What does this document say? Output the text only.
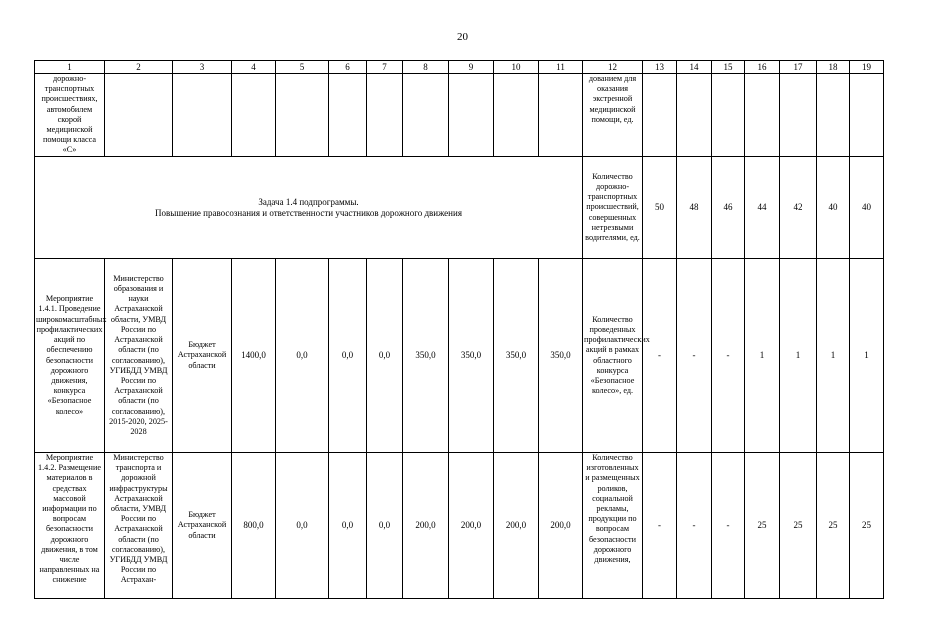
20
1	2	3	4	5	6	7	8	9	10	11	12	13	14	15	16	17	18	19
дорожно-транспортных происшествиях, автомобилем скорой медицинской помощи класса «С»											дованием для оказания экстренной медицинской помощи, ед.							
Задача 1.4 подпрограммы.
Повышение правосознания и ответственности участников дорожного движения											Количество дорожно-транспортных происшествий, совершенных нетрезвыми водителями, ед.	50	48	46	44	42	40	40
Мероприятие 1.4.1. Проведение широкомасштабных профилактических акций по обеспечению безопасности дорожного движения, конкурса «Безопасное колесо»	Министерство образования и науки Астраханской области, УМВД России по Астраханской области (по согласованию), УГИБДД УМВД России по Астраханской области (по согласованию), 2015-2020, 2025-2028	Бюджет Астраханской области	1400,0	0,0	0,0	0,0	350,0	350,0	350,0	350,0	Количество проведенных профилактических акций в рамках областного конкурса «Безопасное колесо», ед.	-	-	-	1	1	1	1
Мероприятие 1.4.2. Размещение материалов в средствах массовой информации по вопросам безопасности дорожного движения, в том числе направленных на снижение	Министерство транспорта и дорожной инфраструктуры Астраханской области, УМВД России по Астраханской области (по согласованию), УГИБДД УМВД России по Астрахан-	Бюджет Астраханской области	800,0	0,0	0,0	0,0	200,0	200,0	200,0	200,0	Количество изготовленных и размещенных роликов, социальной рекламы, продукции по вопросам безопасности дорожного движения,	-	-	-	25	25	25	25
